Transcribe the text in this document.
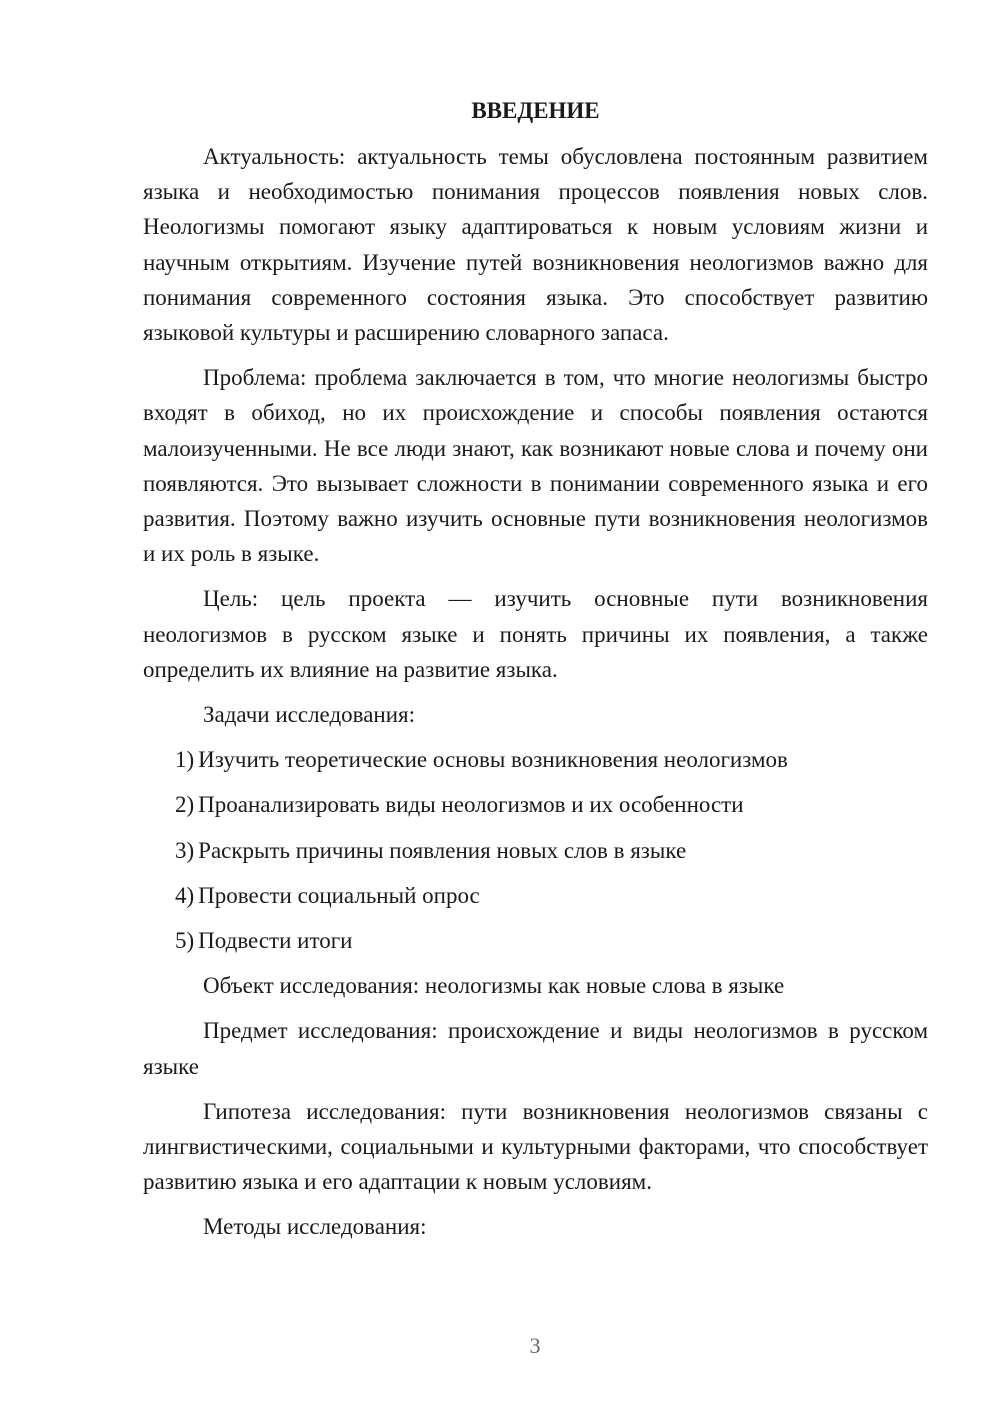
ВВЕДЕНИЕ

Актуальность: актуальность темы обусловлена постоянным развитием языка и необходимостью понимания процессов появления новых слов. Неологизмы помогают языку адаптироваться к новым условиям жизни и научным открытиям. Изучение путей возникновения неологизмов важно для понимания современного состояния языка. Это способствует развитию языковой культуры и расширению словарного запаса.

Проблема: проблема заключается в том, что многие неологизмы быстро входят в обиход, но их происхождение и способы появления остаются малоизученными. Не все люди знают, как возникают новые слова и почему они появляются. Это вызывает сложности в понимании современного языка и его развития. Поэтому важно изучить основные пути возникновения неологизмов и их роль в языке.

Цель: цель проекта — изучить основные пути возникновения неологизмов в русском языке и понять причины их появления, а также определить их влияние на развитие языка.

Задачи исследования:

1) Изучить теоретические основы возникновения неологизмов
2) Проанализировать виды неологизмов и их особенности
3) Раскрыть причины появления новых слов в языке
4) Провести социальный опрос
5) Подвести итоги

Объект исследования: неологизмы как новые слова в языке

Предмет исследования: происхождение и виды неологизмов в русском языке

Гипотеза исследования: пути возникновения неологизмов связаны с лингвистическими, социальными и культурными факторами, что способствует развитию языка и его адаптации к новым условиям.

Методы исследования:

3
